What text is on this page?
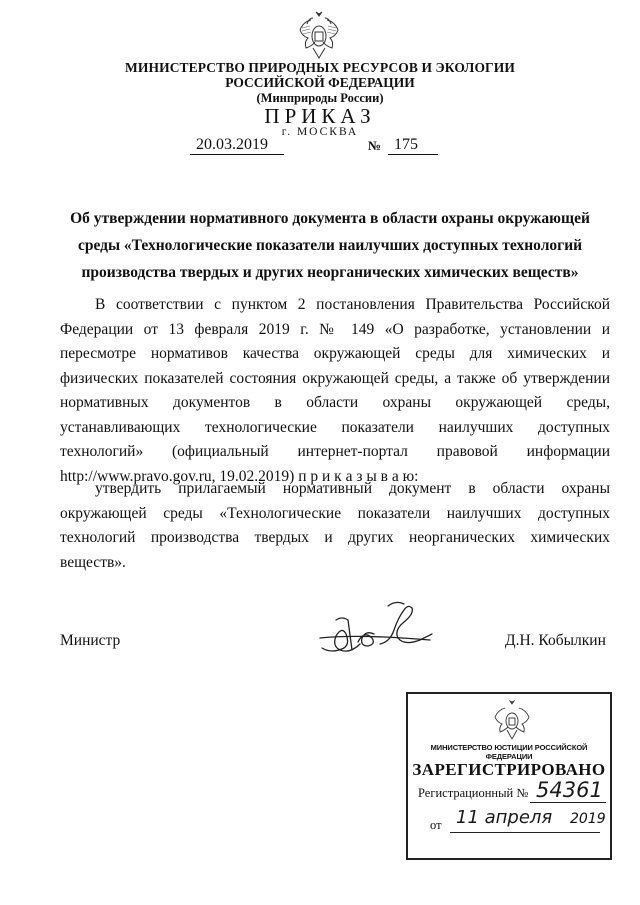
МИНИСТЕРСТВО ПРИРОДНЫХ РЕСУРСОВ И ЭКОЛОГИИ
РОССИЙСКОЙ ФЕДЕРАЦИИ
(Минприроды России)
ПРИКАЗ
г. МОСКВА
20.03.2019	№ 175
Об утверждении нормативного документа в области охраны окружающей
среды «Технологические показатели наилучших доступных технологий
производства твердых и других неорганических химических веществ»
В соответствии с пунктом 2 постановления Правительства Российской Федерации от 13 февраля 2019 г. № 149 «О разработке, установлении и пересмотре нормативов качества окружающей среды для химических и физических показателей состояния окружающей среды, а также об утверждении нормативных документов в области охраны окружающей среды, устанавливающих технологические показатели наилучших доступных технологий» (официальный интернет-портал правовой информации http://www.pravo.gov.ru, 19.02.2019) п р и к а з ы в а ю:
утвердить прилагаемый нормативный документ в области охраны окружающей среды «Технологические показатели наилучших доступных технологий производства твердых и других неорганических химических веществ».
Министр	Д.Н. Кобылкин
МИНИСТЕРСТВО ЮСТИЦИИ РОССИЙСКОЙ ФЕДЕРАЦИИ
ЗАРЕГИСТРИРОВАНО
Регистрационный № 54361
от 11 апреля 2019
